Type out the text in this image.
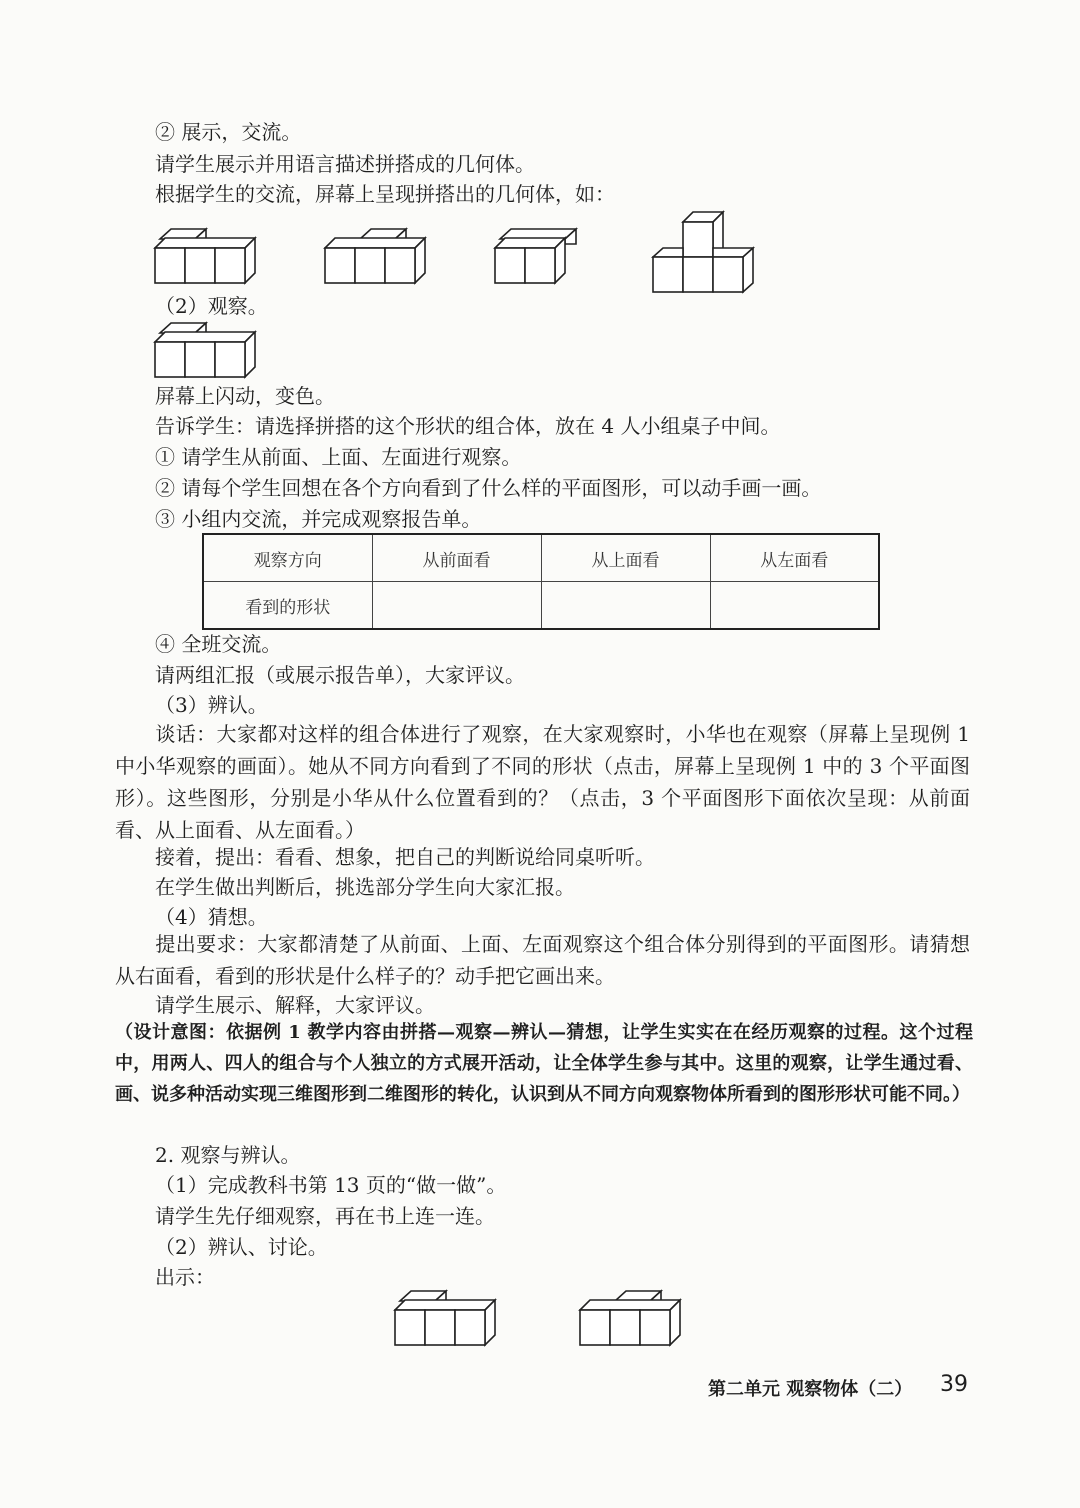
② 展示，交流。
请学生展示并用语言描述拼搭成的几何体。
根据学生的交流，屏幕上呈现拼搭出的几何体，如：
（2）观察。
屏幕上闪动，变色。
告诉学生：请选择拼搭的这个形状的组合体，放在 4 人小组桌子中间。
① 请学生从前面、上面、左面进行观察。
② 请每个学生回想在各个方向看到了什么样的平面图形，可以动手画一画。
③ 小组内交流，并完成观察报告单。
观察方向	从前面看	从上面看	从左面看
看到的形状			
④ 全班交流。
请两组汇报（或展示报告单），大家评议。
（3）辨认。
谈话：大家都对这样的组合体进行了观察，在大家观察时，小华也在观察（屏幕上呈现例 1 中小华观察的画面）。她从不同方向看到了不同的形状（点击，屏幕上呈现例 1 中的 3 个平面图形）。这些图形，分别是小华从什么位置看到的？（点击，3 个平面图形下面依次呈现：从前面看、从上面看、从左面看。）
接着，提出：看看、想象，把自己的判断说给同桌听听。
在学生做出判断后，挑选部分学生向大家汇报。
（4）猜想。
提出要求：大家都清楚了从前面、上面、左面观察这个组合体分别得到的平面图形。请猜想从右面看，看到的形状是什么样子的？动手把它画出来。
请学生展示、解释，大家评议。
（设计意图：依据例 1 教学内容由拼搭—观察—辨认—猜想，让学生实实在在经历观察的过程。这个过程中，用两人、四人的组合与个人独立的方式展开活动，让全体学生参与其中。这里的观察，让学生通过看、画、说多种活动实现三维图形到二维图形的转化，认识到从不同方向观察物体所看到的图形形状可能不同。）
2. 观察与辨认。
（1）完成教科书第 13 页的“做一做”。
请学生先仔细观察，再在书上连一连。
（2）辨认、讨论。
出示：
第二单元 观察物体（二） 39
